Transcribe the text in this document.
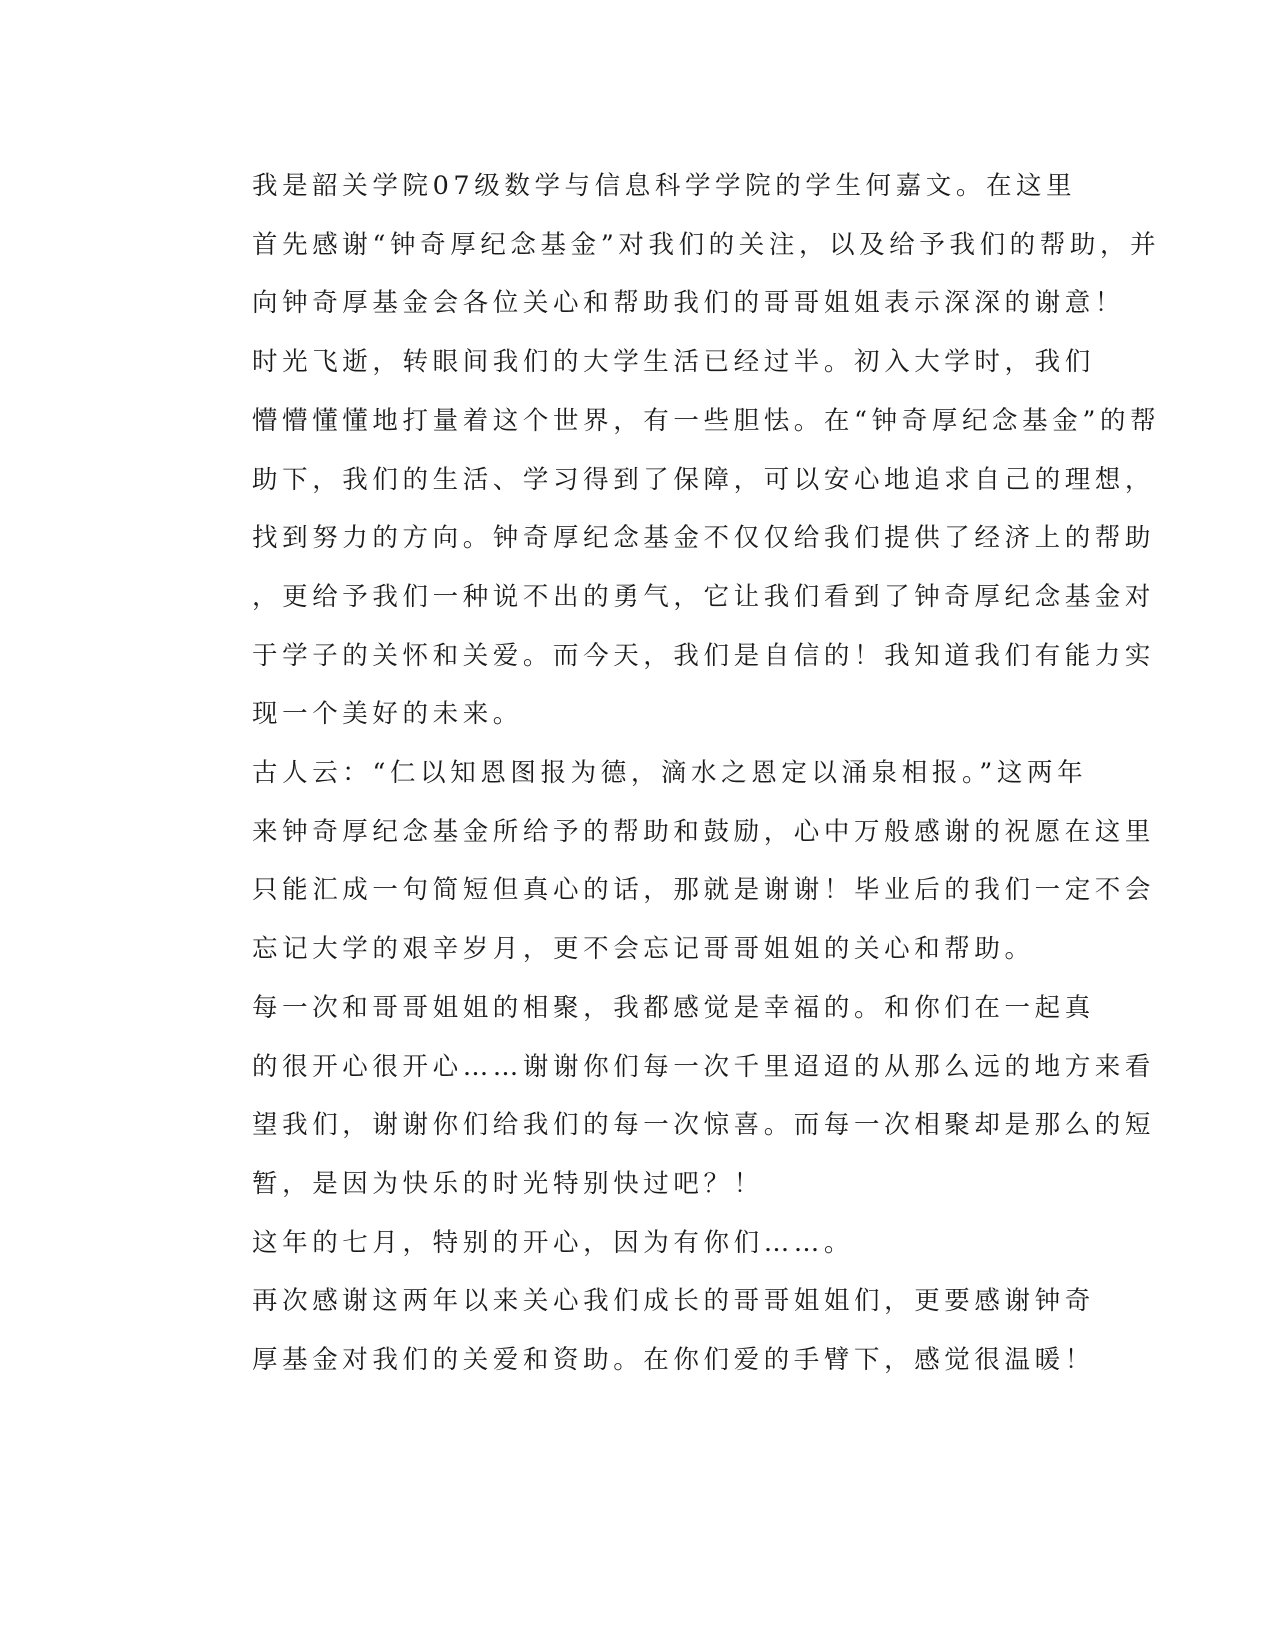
我是韶关学院07级数学与信息科学学院的学生何嘉文。在这里
首先感谢“钟奇厚纪念基金”对我们的关注，以及给予我们的帮助，并
向钟奇厚基金会各位关心和帮助我们的哥哥姐姐表示深深的谢意！

时光飞逝，转眼间我们的大学生活已经过半。初入大学时，我们
懵懵懂懂地打量着这个世界，有一些胆怯。在“钟奇厚纪念基金”的帮
助下，我们的生活、学习得到了保障，可以安心地追求自己的理想，
找到努力的方向。钟奇厚纪念基金不仅仅给我们提供了经济上的帮助
，更给予我们一种说不出的勇气，它让我们看到了钟奇厚纪念基金对
于学子的关怀和关爱。而今天，我们是自信的！我知道我们有能力实
现一个美好的未来。

古人云：“仁以知恩图报为德，滴水之恩定以涌泉相报。”这两年
来钟奇厚纪念基金所给予的帮助和鼓励，心中万般感谢的祝愿在这里
只能汇成一句简短但真心的话，那就是谢谢！毕业后的我们一定不会
忘记大学的艰辛岁月，更不会忘记哥哥姐姐的关心和帮助。

每一次和哥哥姐姐的相聚，我都感觉是幸福的。和你们在一起真
的很开心很开心……谢谢你们每一次千里迢迢的从那么远的地方来看
望我们，谢谢你们给我们的每一次惊喜。而每一次相聚却是那么的短
暂，是因为快乐的时光特别快过吧？！

这年的七月，特别的开心，因为有你们……。

再次感谢这两年以来关心我们成长的哥哥姐姐们，更要感谢钟奇
厚基金对我们的关爱和资助。在你们爱的手臂下，感觉很温暖！
